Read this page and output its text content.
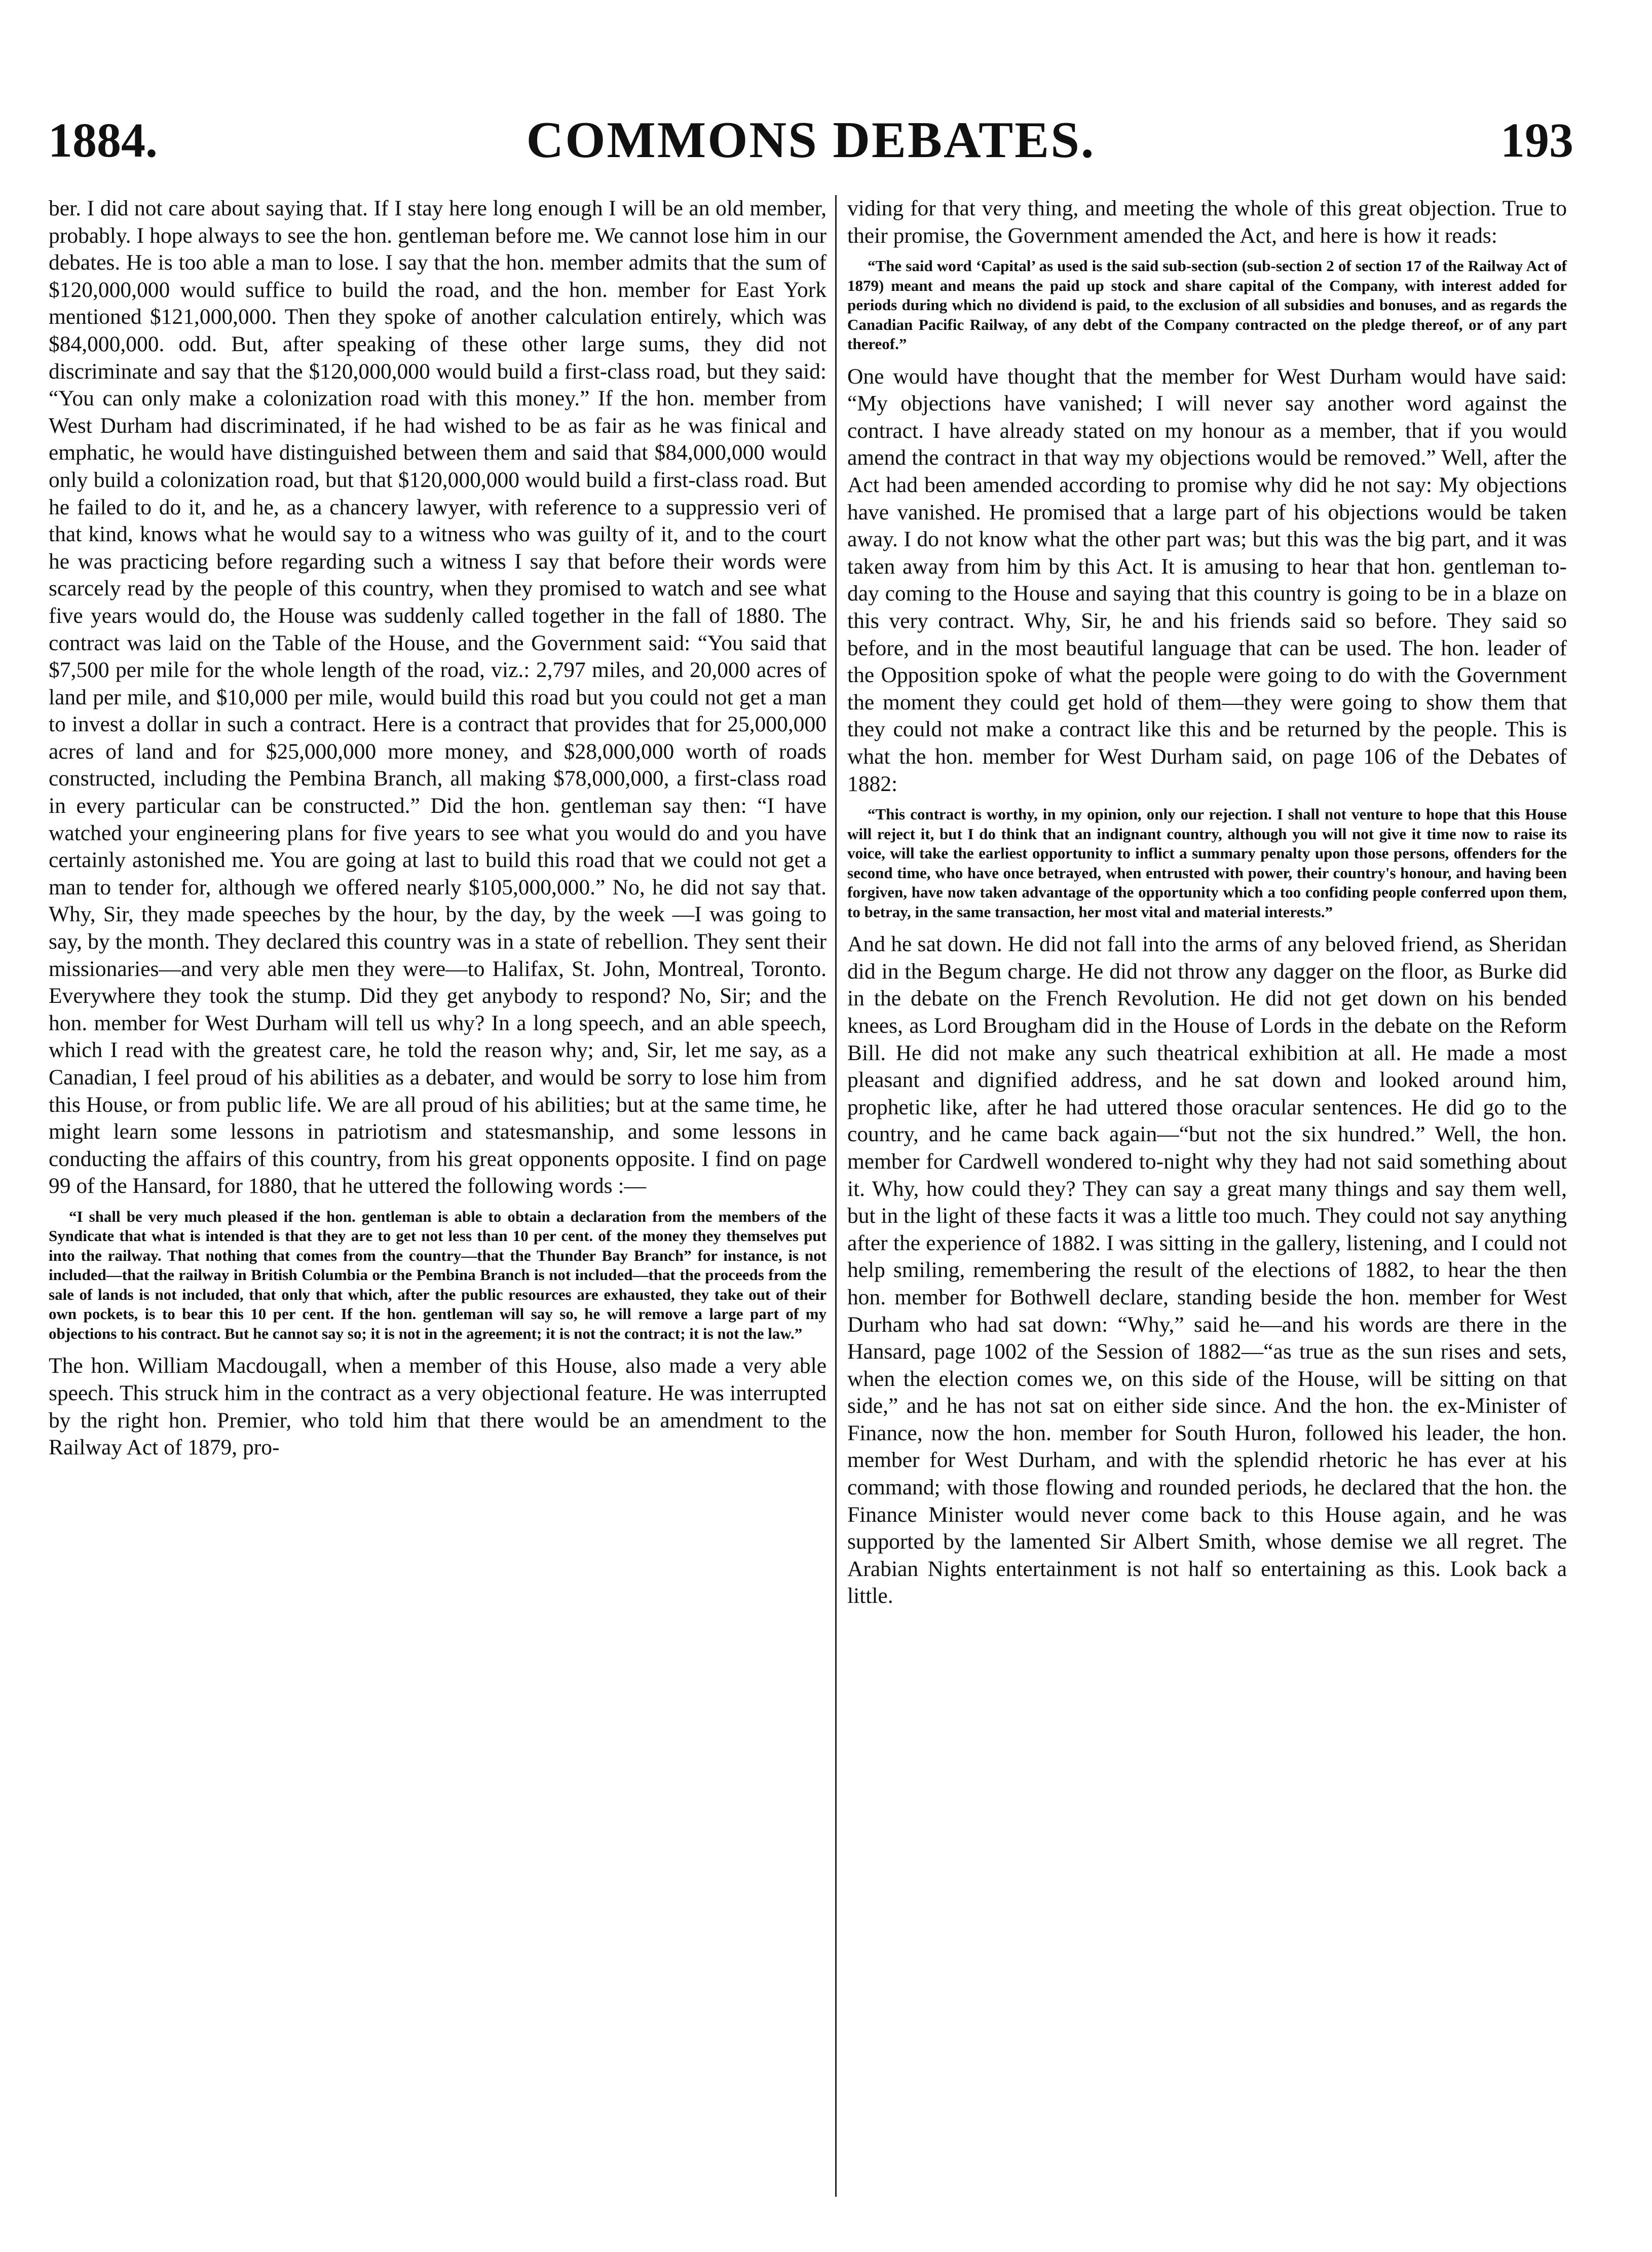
COMMONS DEBATES.
1884.	193

ber. I did not care about saying that. If I stay here long enough I will be an old member, probably. I hope always to see the hon. gentleman before me. We cannot lose him in our debates. He is too able a man to lose. I say that the hon. member admits that the sum of $120,000,000 would suffice to build the road, and the hon. member for East York mentioned $121,000,000. Then they spoke of another calculation entirely, which was $84,000,000. odd. But, after speaking of these other large sums, they did not discriminate and say that the $120,000,000 would build a first-class road, but they said: “You can only make a colonization road with this money.” If the hon. member from West Durham had discriminated, if he had wished to be as fair as he was finical and emphatic, he would have distinguished between them and said that $84,000,000 would only build a colonization road, but that $120,000,000 would build a first-class road. But he failed to do it, and he, as a chancery lawyer, with reference to a suppressio veri of that kind, knows what he would say to a witness who was guilty of it, and to the court he was practicing before regarding such a witness I say that before their words were scarcely read by the people of this country, when they promised to watch and see what five years would do, the House was suddenly called together in the fall of 1880. The contract was laid on the Table of the House, and the Government said: “You said that $7,500 per mile for the whole length of the road, viz.: 2,797 miles, and 20,000 acres of land per mile, and $10,000 per mile, would build this road but you could not get a man to invest a dollar in such a contract. Here is a contract that provides that for 25,000,000 acres of land and for $25,000,000 more money, and $28,000,000 worth of roads constructed, including the Pembina Branch, all making $78,000,000, a first-class road in every particular can be constructed.” Did the hon. gentleman say then: “I have watched your engineering plans for five years to see what you would do and you have certainly astonished me. You are going at last to build this road that we could not get a man to tender for, although we offered nearly $105,000,000.” No, he did not say that. Why, Sir, they made speeches by the hour, by the day, by the week —I was going to say, by the month. They declared this country was in a state of rebellion. They sent their missionaries—and very able men they were—to Halifax, St. John, Montreal, Toronto. Everywhere they took the stump. Did they get anybody to respond? No, Sir; and the hon. member for West Durham will tell us why? In a long speech, and an able speech, which I read with the greatest care, he told the reason why; and, Sir, let me say, as a Canadian, I feel proud of his abilities as a debater, and would be sorry to lose him from this House, or from public life. We are all proud of his abilities; but at the same time, he might learn some lessons in patriotism and statesmanship, and some lessons in conducting the affairs of this country, from his great opponents opposite. I find on page 99 of the Hansard, for 1880, that he uttered the following words :—

“I shall be very much pleased if the hon. gentleman is able to obtain a declaration from the members of the Syndicate that what is intended is that they are to get not less than 10 per cent. of the money they themselves put into the railway. That nothing that comes from the country—that the Thunder Bay Branch” for instance, is not included—that the railway in British Columbia or the Pembina Branch is not included—that the proceeds from the sale of lands is not included, that only that which, after the public resources are exhausted, they take out of their own pockets, is to bear this 10 per cent. If the hon. gentleman will say so, he will remove a large part of my objections to his contract. But he cannot say so; it is not in the agreement; it is not the contract; it is not the law.”

The hon. William Macdougall, when a member of this House, also made a very able speech. This struck him in the contract as a very objectional feature. He was interrupted by the right hon. Premier, who told him that there would be an amendment to the Railway Act of 1879, pro-

viding for that very thing, and meeting the whole of this great objection. True to their promise, the Government amended the Act, and here is how it reads:

“The said word ‘Capital’ as used is the said sub-section (sub-section 2 of section 17 of the Railway Act of 1879) meant and means the paid up stock and share capital of the Company, with interest added for periods during which no dividend is paid, to the exclusion of all subsidies and bonuses, and as regards the Canadian Pacific Railway, of any debt of the Company contracted on the pledge thereof, or of any part thereof.”

One would have thought that the member for West Durham would have said: “My objections have vanished; I will never say another word against the contract. I have already stated on my honour as a member, that if you would amend the contract in that way my objections would be removed.” Well, after the Act had been amended according to promise why did he not say: My objections have vanished. He promised that a large part of his objections would be taken away. I do not know what the other part was; but this was the big part, and it was taken away from him by this Act. It is amusing to hear that hon. gentleman to-day coming to the House and saying that this country is going to be in a blaze on this very contract. Why, Sir, he and his friends said so before. They said so before, and in the most beautiful language that can be used. The hon. leader of the Opposition spoke of what the people were going to do with the Government the moment they could get hold of them—they were going to show them that they could not make a contract like this and be returned by the people. This is what the hon. member for West Durham said, on page 106 of the Debates of 1882:

“This contract is worthy, in my opinion, only our rejection. I shall not venture to hope that this House will reject it, but I do think that an indignant country, although you will not give it time now to raise its voice, will take the earliest opportunity to inflict a summary penalty upon those persons, offenders for the second time, who have once betrayed, when entrusted with power, their country's honour, and having been forgiven, have now taken advantage of the opportunity which a too confiding people conferred upon them, to betray, in the same transaction, her most vital and material interests.”

And he sat down. He did not fall into the arms of any beloved friend, as Sheridan did in the Begum charge. He did not throw any dagger on the floor, as Burke did in the debate on the French Revolution. He did not get down on his bended knees, as Lord Brougham did in the House of Lords in the debate on the Reform Bill. He did not make any such theatrical exhibition at all. He made a most pleasant and dignified address, and he sat down and looked around him, prophetic like, after he had uttered those oracular sentences. He did go to the country, and he came back again—“but not the six hundred.” Well, the hon. member for Cardwell wondered to-night why they had not said something about it. Why, how could they? They can say a great many things and say them well, but in the light of these facts it was a little too much. They could not say anything after the experience of 1882. I was sitting in the gallery, listening, and I could not help smiling, remembering the result of the elections of 1882, to hear the then hon. member for Bothwell declare, standing beside the hon. member for West Durham who had sat down: “Why,” said he—and his words are there in the Hansard, page 1002 of the Session of 1882—“as true as the sun rises and sets, when the election comes we, on this side of the House, will be sitting on that side,” and he has not sat on either side since. And the hon. the ex-Minister of Finance, now the hon. member for South Huron, followed his leader, the hon. member for West Durham, and with the splendid rhetoric he has ever at his command; with those flowing and rounded periods, he declared that the hon. the Finance Minister would never come back to this House again, and he was supported by the lamented Sir Albert Smith, whose demise we all regret. The Arabian Nights entertainment is not half so entertaining as this. Look back a little.
